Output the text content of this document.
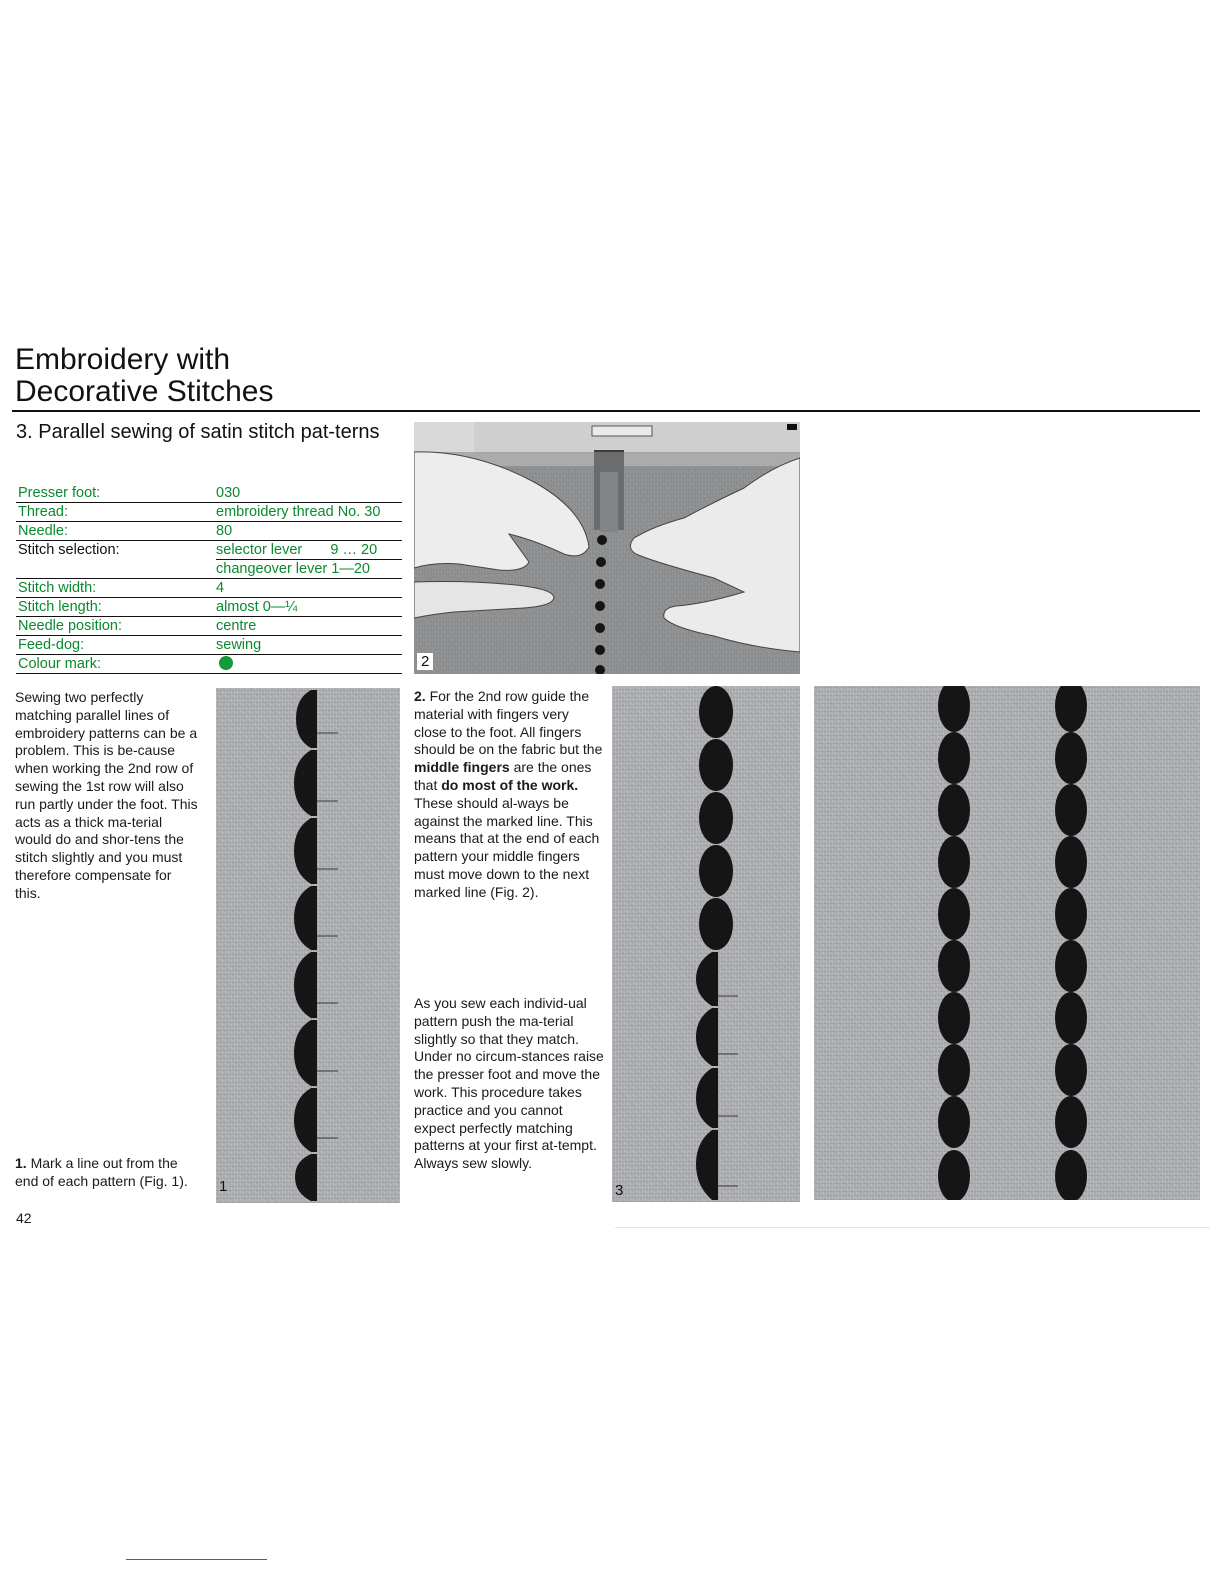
Embroidery with
Decorative Stitches
3. Parallel sewing of satin stitch pat-terns
Presser foot:	030
Thread:	embroidery thread No. 30
Needle:	80
Stitch selection:	selector lever       9 … 20
changeover lever 1—20
Stitch width:	4
Stitch length:	almost 0—¼
Needle position:	centre
Feed-dog:	sewing
Colour mark:

Sewing two perfectly matching parallel lines of embroidery patterns can be a problem. This is be-cause when working the 2nd row of sewing the 1st row will also run partly under the foot. This acts as a thick ma-terial would do and shor-tens the stitch slightly and you must therefore compensate for this.

1. Mark a line out from the end of each pattern (Fig. 1).

42
1
2

2. For the 2nd row guide the material with fingers very close to the foot. All fingers should be on the fabric but the middle fingers are the ones that do most of the work. These should al-ways be against the marked line. This means that at the end of each pattern your middle fingers must move down to the next marked line (Fig. 2).

As you sew each individ-ual pattern push the ma-terial slightly so that they match. Under no circum-stances raise the presser foot and move the work. This procedure takes practice and you cannot expect perfectly matching patterns at your first at-tempt. Always sew slowly.

3
